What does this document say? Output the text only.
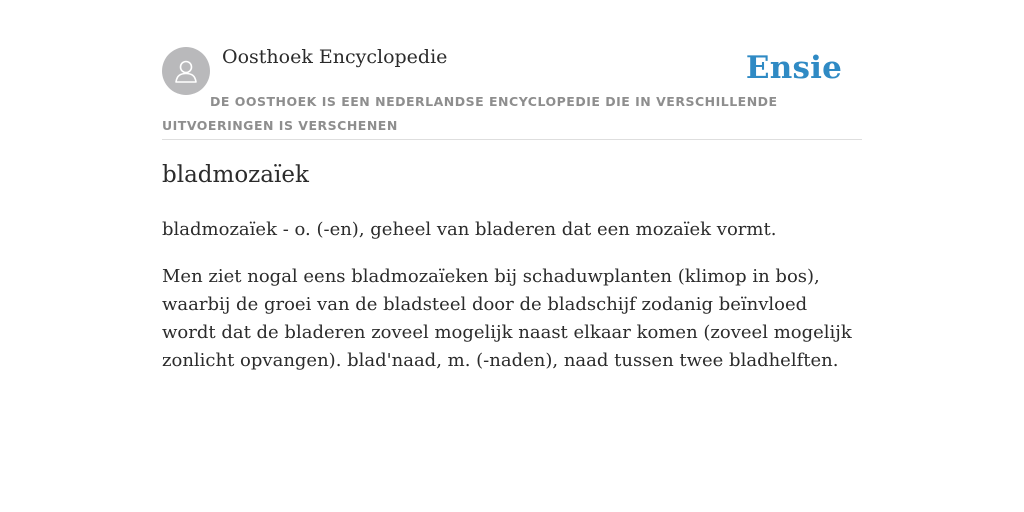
Oosthoek Encyclopedie	Ensie
DE OOSTHOEK IS EEN NEDERLANDSE ENCYCLOPEDIE DIE IN VERSCHILLENDE UITVOERINGEN IS VERSCHENEN
bladmozaïek

bladmozaïek - o. (-en), geheel van bladeren dat een mozaïek vormt.

Men ziet nogal eens bladmozaïeken bij schaduwplanten (klimop in bos), waarbij de groei van de bladsteel door de bladschijf zodanig beïnvloed wordt dat de bladeren zoveel mogelijk naast elkaar komen (zoveel mogelijk zonlicht opvangen). blad'naad, m. (-naden), naad tussen twee bladhelften.
